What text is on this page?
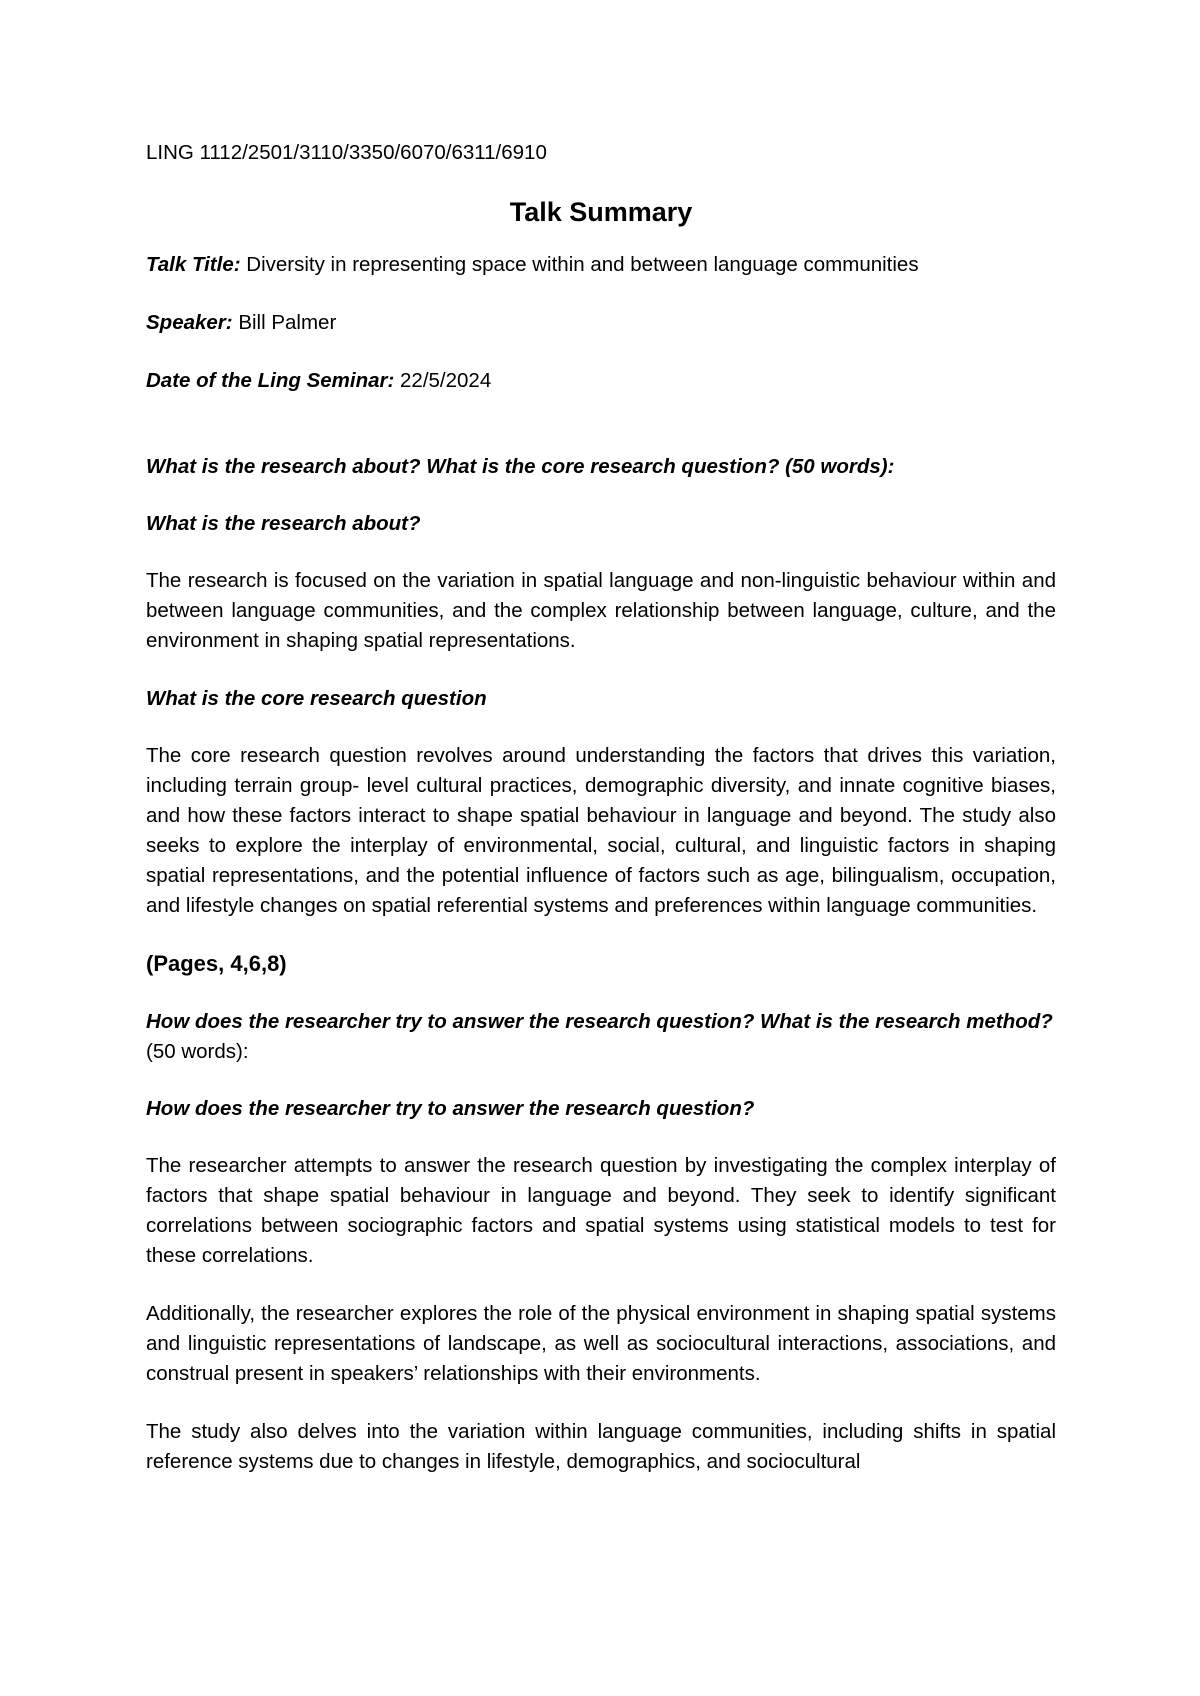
LING 1112/2501/3110/3350/6070/6311/6910
Talk Summary
Talk Title: Diversity in representing space within and between language communities
Speaker: Bill Palmer
Date of the Ling Seminar: 22/5/2024
What is the research about? What is the core research question? (50 words):
What is the research about?
The research is focused on the variation in spatial language and non-linguistic behaviour within and between language communities, and the complex relationship between language, culture, and the environment in shaping spatial representations.
What is the core research question
The core research question revolves around understanding the factors that drives this variation, including terrain group- level cultural practices, demographic diversity, and innate cognitive biases, and how these factors interact to shape spatial behaviour in language and beyond. The study also seeks to explore the interplay of environmental, social, cultural, and linguistic factors in shaping spatial representations, and the potential influence of factors such as age, bilingualism, occupation, and lifestyle changes on spatial referential systems and preferences within language communities.
(Pages, 4,6,8)
How does the researcher try to answer the research question? What is the research method? (50 words):
How does the researcher try to answer the research question?
The researcher attempts to answer the research question by investigating the complex interplay of factors that shape spatial behaviour in language and beyond. They seek to identify significant correlations between sociographic factors and spatial systems using statistical models to test for these correlations.
Additionally, the researcher explores the role of the physical environment in shaping spatial systems and linguistic representations of landscape, as well as sociocultural interactions, associations, and construal present in speakers’ relationships with their environments.
The study also delves into the variation within language communities, including shifts in spatial reference systems due to changes in lifestyle, demographics, and sociocultural
